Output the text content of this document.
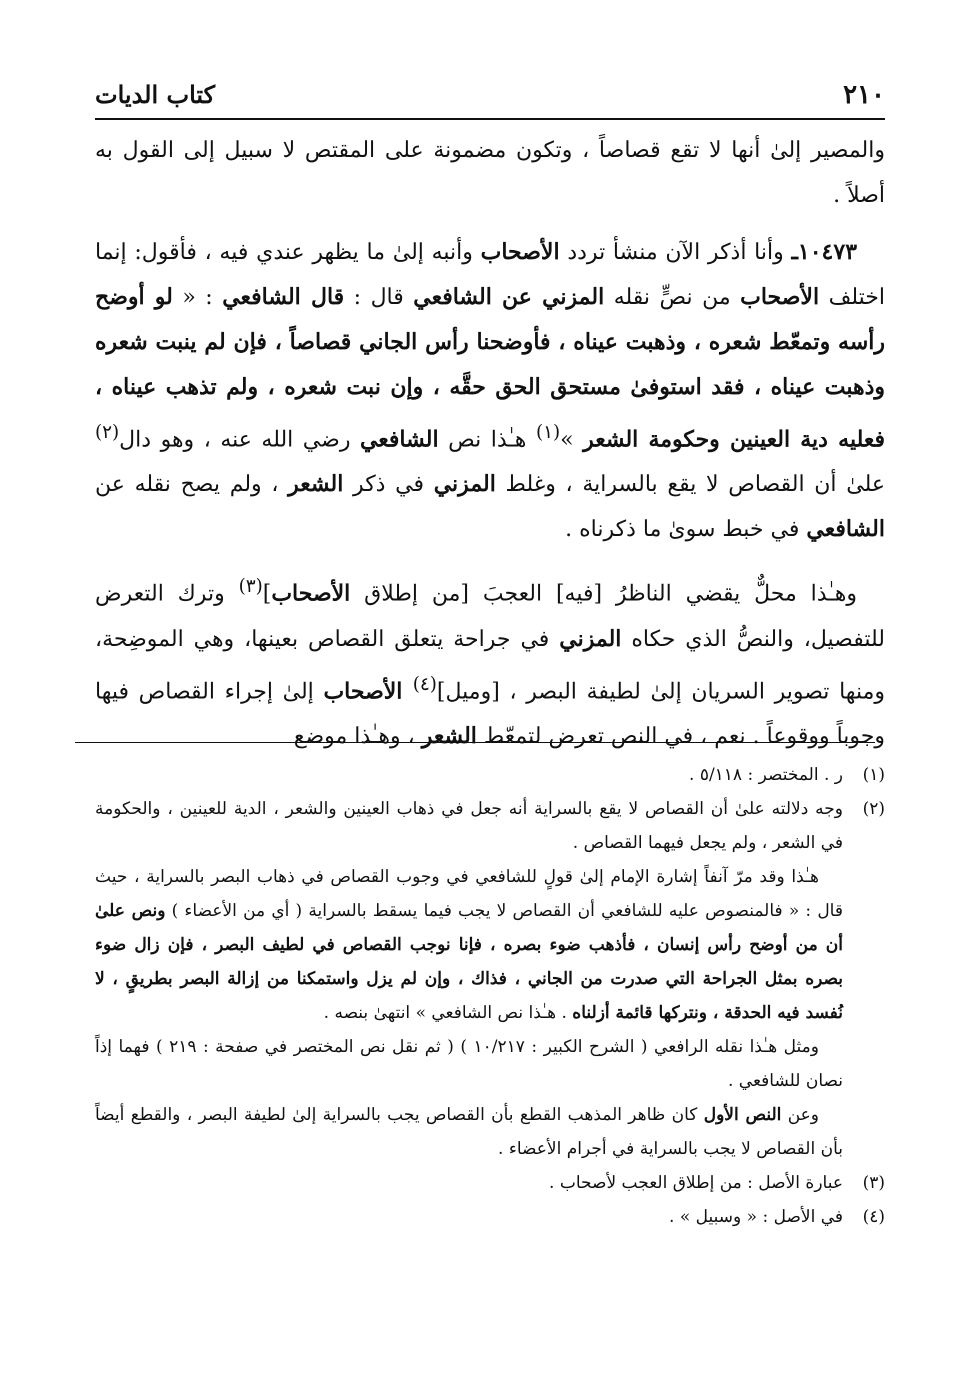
٢١٠
كتاب الديات

والمصير إلىٰ أنها لا تقع قصاصاً ، وتكون مضمونة على المقتص لا سبيل إلى القول به أصلاً .

١٠٤٧٣ـ وأنا أذكر الآن منشأ تردد الأصحاب وأنبه إلىٰ ما يظهر عندي فيه ، فأقول: إنما اختلف الأصحاب من نصٍّ نقله المزني عن الشافعي قال : قال الشافعي : « لو أوضح رأسه وتمعّط شعره ، وذهبت عيناه ، فأوضحنا رأس الجاني قصاصاً ، فإن لم ينبت شعره وذهبت عيناه ، فقد استوفىٰ مستحق الحق حقَّه ، وإن نبت شعره ، ولم تذهب عيناه ، فعليه دية العينين وحكومة الشعر »$^{(١)}$ هـٰذا نص الشافعي رضي الله عنه ، وهو دال$^{(٢)}$ علىٰ أن القصاص لا يقع بالسراية ، وغلط المزني في ذكر الشعر ، ولم يصح نقله عن الشافعي في خبط سوىٰ ما ذكرناه .

وهـٰذا محلٌّ يقضي الناظرُ [فيه] العجبَ [من إطلاق الأصحاب]$^{(٣)}$ وترك التعرض للتفصيل، والنصُّ الذي حكاه المزني في جراحة يتعلق القصاص بعينها، وهي الموضِحة، ومنها تصوير السريان إلىٰ لطيفة البصر ، [وميل]$^{(٤)}$ الأصحاب إلىٰ إجراء القصاص فيها وجوباً ووقوعاً . نعم ، في النص تعرض لتمعّط الشعر ، وهـٰذا موضع

(١)

ر . المختصر : ٥/١١٨ .

(٢)

وجه دلالته علىٰ أن القصاص لا يقع بالسراية أنه جعل في ذهاب العينين والشعر ، الدية للعينين ، والحكومة في الشعر ، ولم يجعل فيهما القصاص .

هـٰذا وقد مرّ آنفاً إشارة الإمام إلىٰ قولٍ للشافعي في وجوب القصاص في ذهاب البصر بالسراية ، حيث قال : « فالمنصوص عليه للشافعي أن القصاص لا يجب فيما يسقط بالسراية ( أي من الأعضاء ) ونص علىٰ أن من أوضح رأس إنسان ، فأذهب ضوء بصره ، فإنا نوجب القصاص في لطيف البصر ، فإن زال ضوء بصره بمثل الجراحة التي صدرت من الجاني ، فذاك ، وإن لم يزل واستمكنا من إزالة البصر بطريقٍ ، لا نُفسد فيه الحدقة ، ونتركها قائمة أزلناه . هـٰذا نص الشافعي » انتهىٰ بنصه .

ومثل هـٰذا نقله الرافعي ( الشرح الكبير : ١٠/٢١٧ ) ( ثم نقل نص المختصر في صفحة : ٢١٩ ) فهما إذاً نصان للشافعي .

وعن النص الأول كان ظاهر المذهب القطع بأن القصاص يجب بالسراية إلىٰ لطيفة البصر ، والقطع أيضاً بأن القصاص لا يجب بالسراية في أجرام الأعضاء .

(٣)

عبارة الأصل : من إطلاق العجب لأصحاب .

(٤)

في الأصل : « وسبيل » .
